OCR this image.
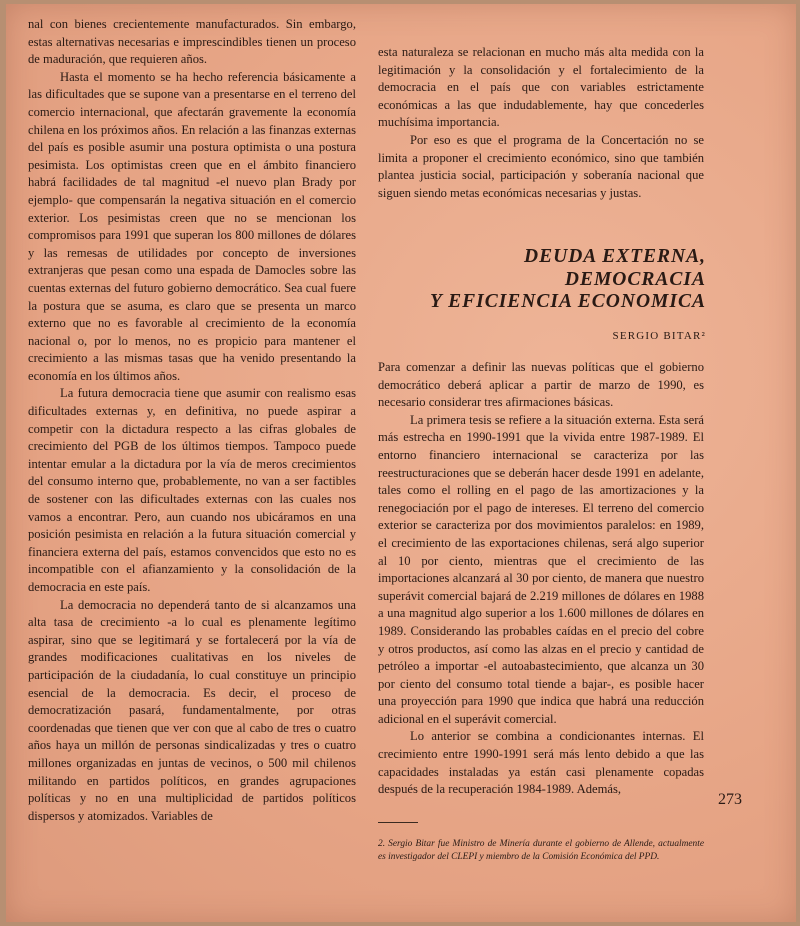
nal con bienes crecientemente manufacturados. Sin embargo, estas alternativas necesarias e imprescindibles tienen un proceso de maduración, que requieren años.

Hasta el momento se ha hecho referencia básicamente a las dificultades que se supone van a presentarse en el terreno del comercio internacional, que afectarán gravemente la economía chilena en los próximos años. En relación a las finanzas externas del país es posible asumir una postura optimista o una postura pesimista. Los optimistas creen que en el ámbito financiero habrá facilidades de tal magnitud -el nuevo plan Brady por ejemplo- que compensarán la negativa situación en el comercio exterior. Los pesimistas creen que no se mencionan los compromisos para 1991 que superan los 800 millones de dólares y las remesas de utilidades por concepto de inversiones extranjeras que pesan como una espada de Damocles sobre las cuentas externas del futuro gobierno democrático. Sea cual fuere la postura que se asuma, es claro que se presenta un marco externo que no es favorable al crecimiento de la economía nacional o, por lo menos, no es propicio para mantener el crecimiento a las mismas tasas que ha venido presentando la economía en los últimos años.

La futura democracia tiene que asumir con realismo esas dificultades externas y, en definitiva, no puede aspirar a competir con la dictadura respecto a las cifras globales de crecimiento del PGB de los últimos tiempos. Tampoco puede intentar emular a la dictadura por la vía de meros crecimientos del consumo interno que, probablemente, no van a ser factibles de sostener con las dificultades externas con las cuales nos vamos a encontrar. Pero, aun cuando nos ubicáramos en una posición pesimista en relación a la futura situación comercial y financiera externa del país, estamos convencidos que esto no es incompatible con el afianzamiento y la consolidación de la democracia en este país.

La democracia no dependerá tanto de si alcanzamos una alta tasa de crecimiento -a lo cual es plenamente legítimo aspirar, sino que se legitimará y se fortalecerá por la vía de grandes modificaciones cualitativas en los niveles de participación de la ciudadanía, lo cual constituye un principio esencial de la democracia. Es decir, el proceso de democratización pasará, fundamentalmente, por otras coordenadas que tienen que ver con que al cabo de tres o cuatro años haya un millón de personas sindicalizadas y tres o cuatro millones organizadas en juntas de vecinos, o 500 mil chilenos militando en partidos políticos, en grandes agrupaciones políticas y no en una multiplicidad de partidos políticos dispersos y atomizados. Variables de

esta naturaleza se relacionan en mucho más alta medida con la legitimación y la consolidación y el fortalecimiento de la democracia en el país que con variables estrictamente económicas a las que indudablemente, hay que concederles muchísima importancia.

Por eso es que el programa de la Concertación no se limita a proponer el crecimiento económico, sino que también plantea justicia social, participación y soberanía nacional que siguen siendo metas económicas necesarias y justas.

DEUDA EXTERNA,
DEMOCRACIA
Y EFICIENCIA ECONOMICA
SERGIO BITAR²

Para comenzar a definir las nuevas políticas que el gobierno democrático deberá aplicar a partir de marzo de 1990, es necesario considerar tres afirmaciones básicas.

La primera tesis se refiere a la situación externa. Esta será más estrecha en 1990-1991 que la vivida entre 1987-1989. El entorno financiero internacional se caracteriza por las reestructuraciones que se deberán hacer desde 1991 en adelante, tales como el rolling en el pago de las amortizaciones y la renegociación por el pago de intereses. El terreno del comercio exterior se caracteriza por dos movimientos paralelos: en 1989, el crecimiento de las exportaciones chilenas, será algo superior al 10 por ciento, mientras que el crecimiento de las importaciones alcanzará al 30 por ciento, de manera que nuestro superávit comercial bajará de 2.219 millones de dólares en 1988 a una magnitud algo superior a los 1.600 millones de dólares en 1989. Considerando las probables caídas en el precio del cobre y otros productos, así como las alzas en el precio y cantidad de petróleo a importar -el autoabastecimiento, que alcanza un 30 por ciento del consumo total tiende a bajar-, es posible hacer una proyección para 1990 que indica que habrá una reducción adicional en el superávit comercial.

Lo anterior se combina a condicionantes internas. El crecimiento entre 1990-1991 será más lento debido a que las capacidades instaladas ya están casi plenamente copadas después de la recuperación 1984-1989. Además,

273
2. Sergio Bitar fue Ministro de Minería durante el gobierno de Allende, actualmente es investigador del CLEPI y miembro de la Comisión Económica del PPD.
